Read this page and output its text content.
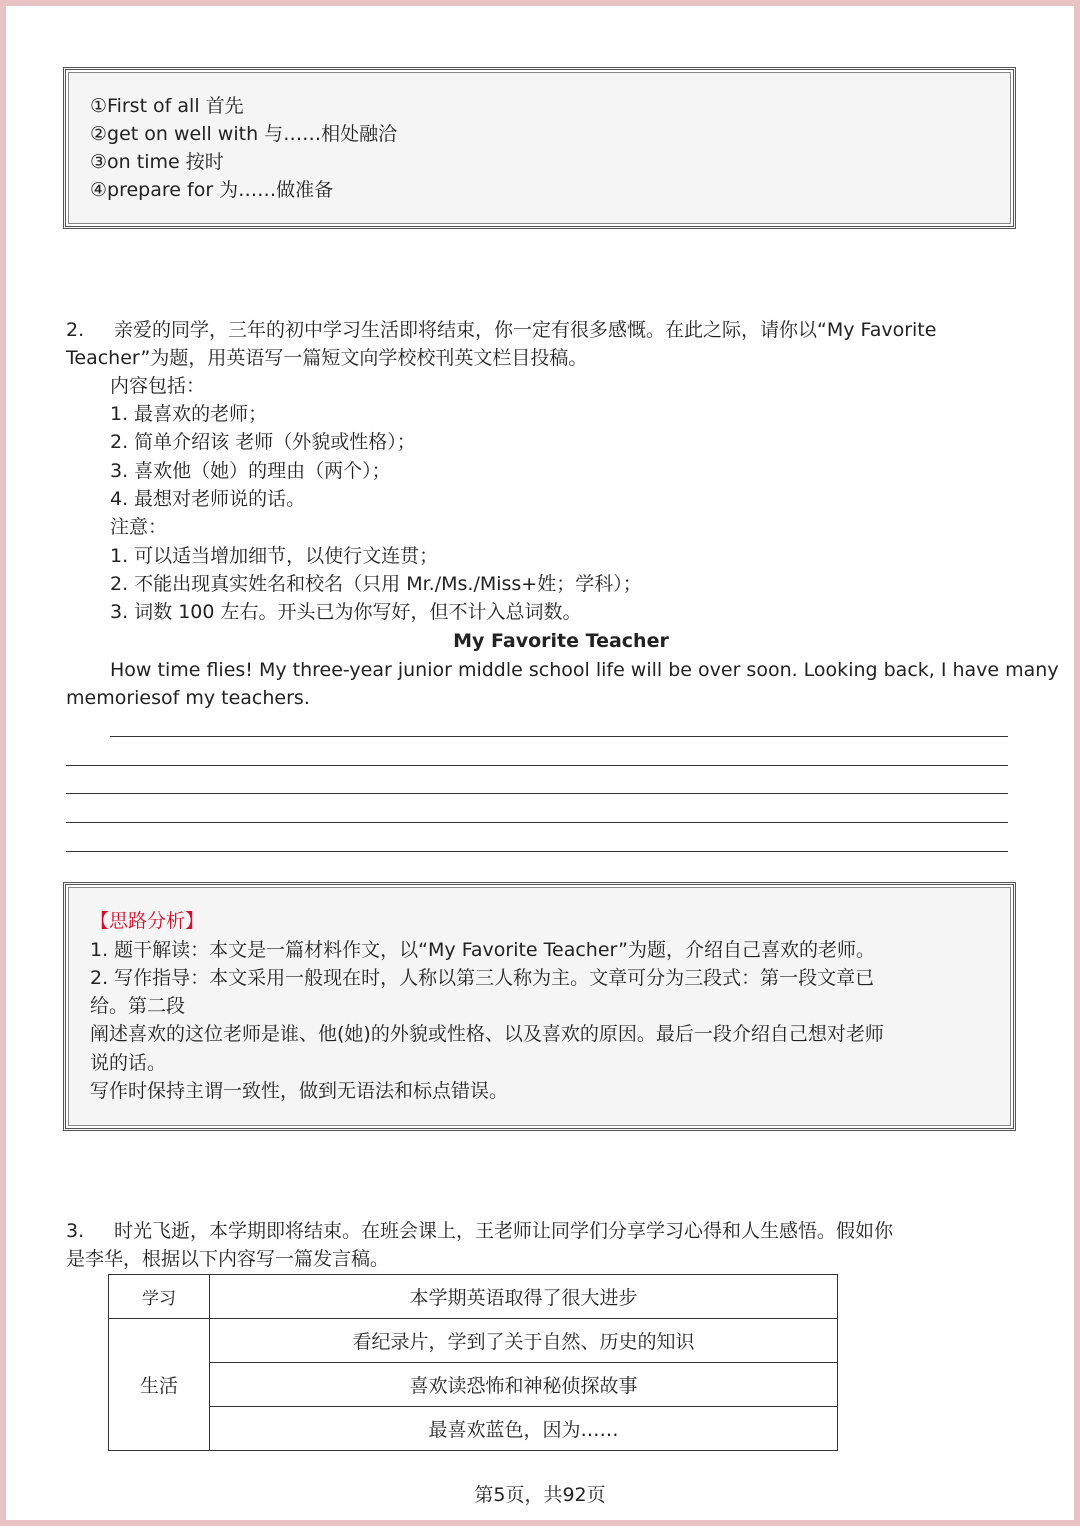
①First of all 首先
②get on well with 与……相处融洽
③on time 按时
④prepare for 为……做准备
2. 亲爱的同学，三年的初中学习生活即将结束，你一定有很多感慨。在此之际，请你以“My Favorite
Teacher”为题，用英语写一篇短文向学校校刊英文栏目投稿。
内容包括：
1. 最喜欢的老师；
2. 简单介绍该 老师（外貌或性格）；
3. 喜欢他（她）的理由（两个）；
4. 最想对老师说的话。
注意：
1. 可以适当增加细节，以使行文连贯；
2. 不能出现真实姓名和校名（只用 Mr./Ms./Miss+姓；学科）；
3. 词数 100 左右。开头已为你写好，但不计入总词数。
My Favorite Teacher
How time flies! My three-year junior middle school life will be over soon. Looking back, I have many
memoriesof my teachers.
【思路分析】
1. 题干解读：本文是一篇材料作文，以“My Favorite Teacher”为题，介绍自己喜欢的老师。
2. 写作指导：本文采用一般现在时，人称以第三人称为主。文章可分为三段式：第一段文章已
给。第二段
阐述喜欢的这位老师是谁、他(她)的外貌或性格、以及喜欢的原因。最后一段介绍自己想对老师
说的话。
写作时保持主谓一致性，做到无语法和标点错误。
3. 时光飞逝，本学期即将结束。在班会课上，王老师让同学们分享学习心得和人生感悟。假如你
是李华，根据以下内容写一篇发言稿。
学习	本学期英语取得了很大进步
生活	看纪录片，学到了关于自然、历史的知识
	喜欢读恐怖和神秘侦探故事
	最喜欢蓝色，因为……
第5页，共92页
